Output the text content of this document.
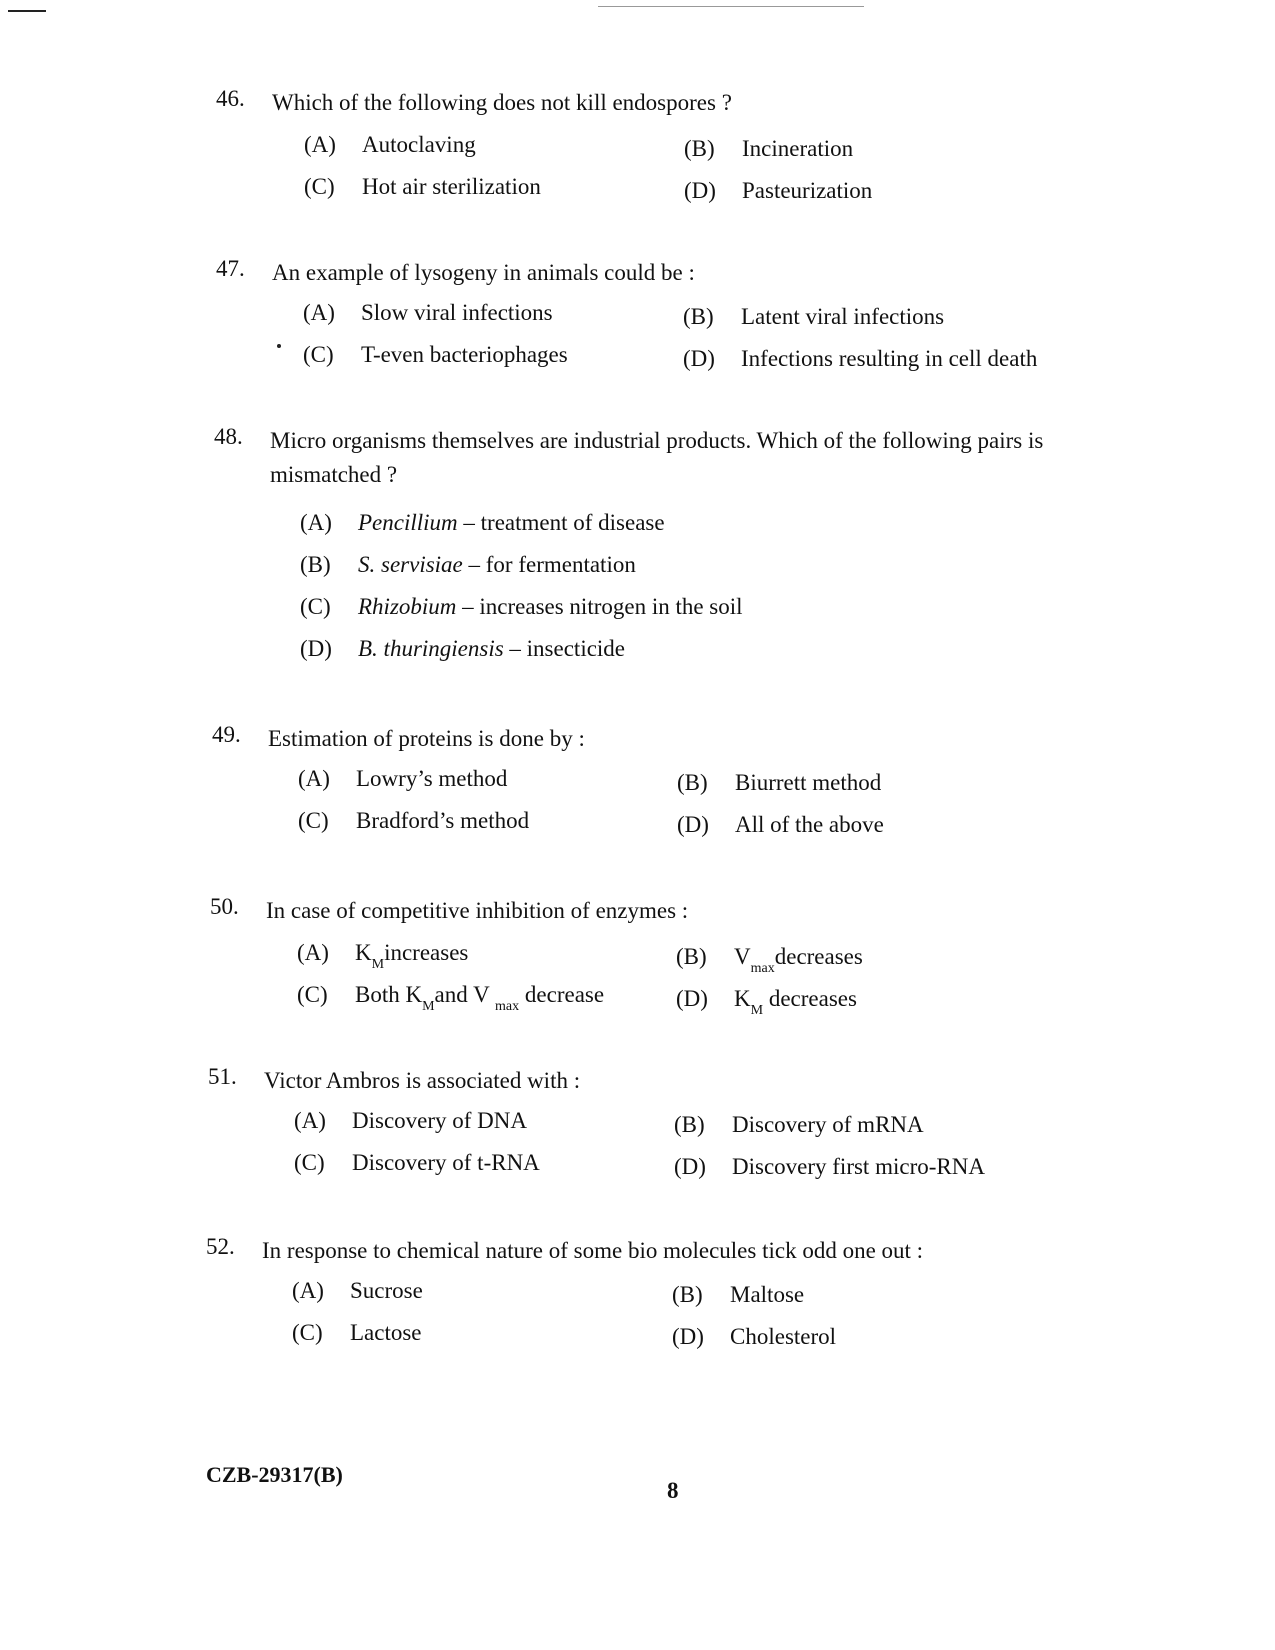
46.	Which of the following does not kill endospores ?
(A) Autoclaving	(B) Incineration
(C) Hot air sterilization	(D) Pasteurization
47.	An example of lysogeny in animals could be :
(A) Slow viral infections	(B) Latent viral infections
(C) T-even bacteriophages	(D) Infections resulting in cell death
48.	Micro organisms themselves are industrial products. Which of the following pairs is mismatched ?
(A) Pencillium – treatment of disease
(B) S. servisiae – for fermentation
(C) Rhizobium – increases nitrogen in the soil
(D) B. thuringiensis – insecticide
49.	Estimation of proteins is done by :
(A) Lowry’s method	(B) Biurrett method
(C) Bradford’s method	(D) All of the above
50.	In case of competitive inhibition of enzymes :
(A) $K_Mincreases$	(B) $V_{max}decreases$
(C) Both $K_Mand$ V $_{max}$ decrease	(D) $K_M$ decreases
51.	Victor Ambros is associated with :
(A) Discovery of DNA	(B) Discovery of mRNA
(C) Discovery of t-RNA	(D) Discovery first micro-RNA
52.	In response to chemical nature of some bio molecules tick odd one out :
(A) Sucrose	(B) Maltose
(C) Lactose	(D) Cholesterol
CZB-29317(B)
8
